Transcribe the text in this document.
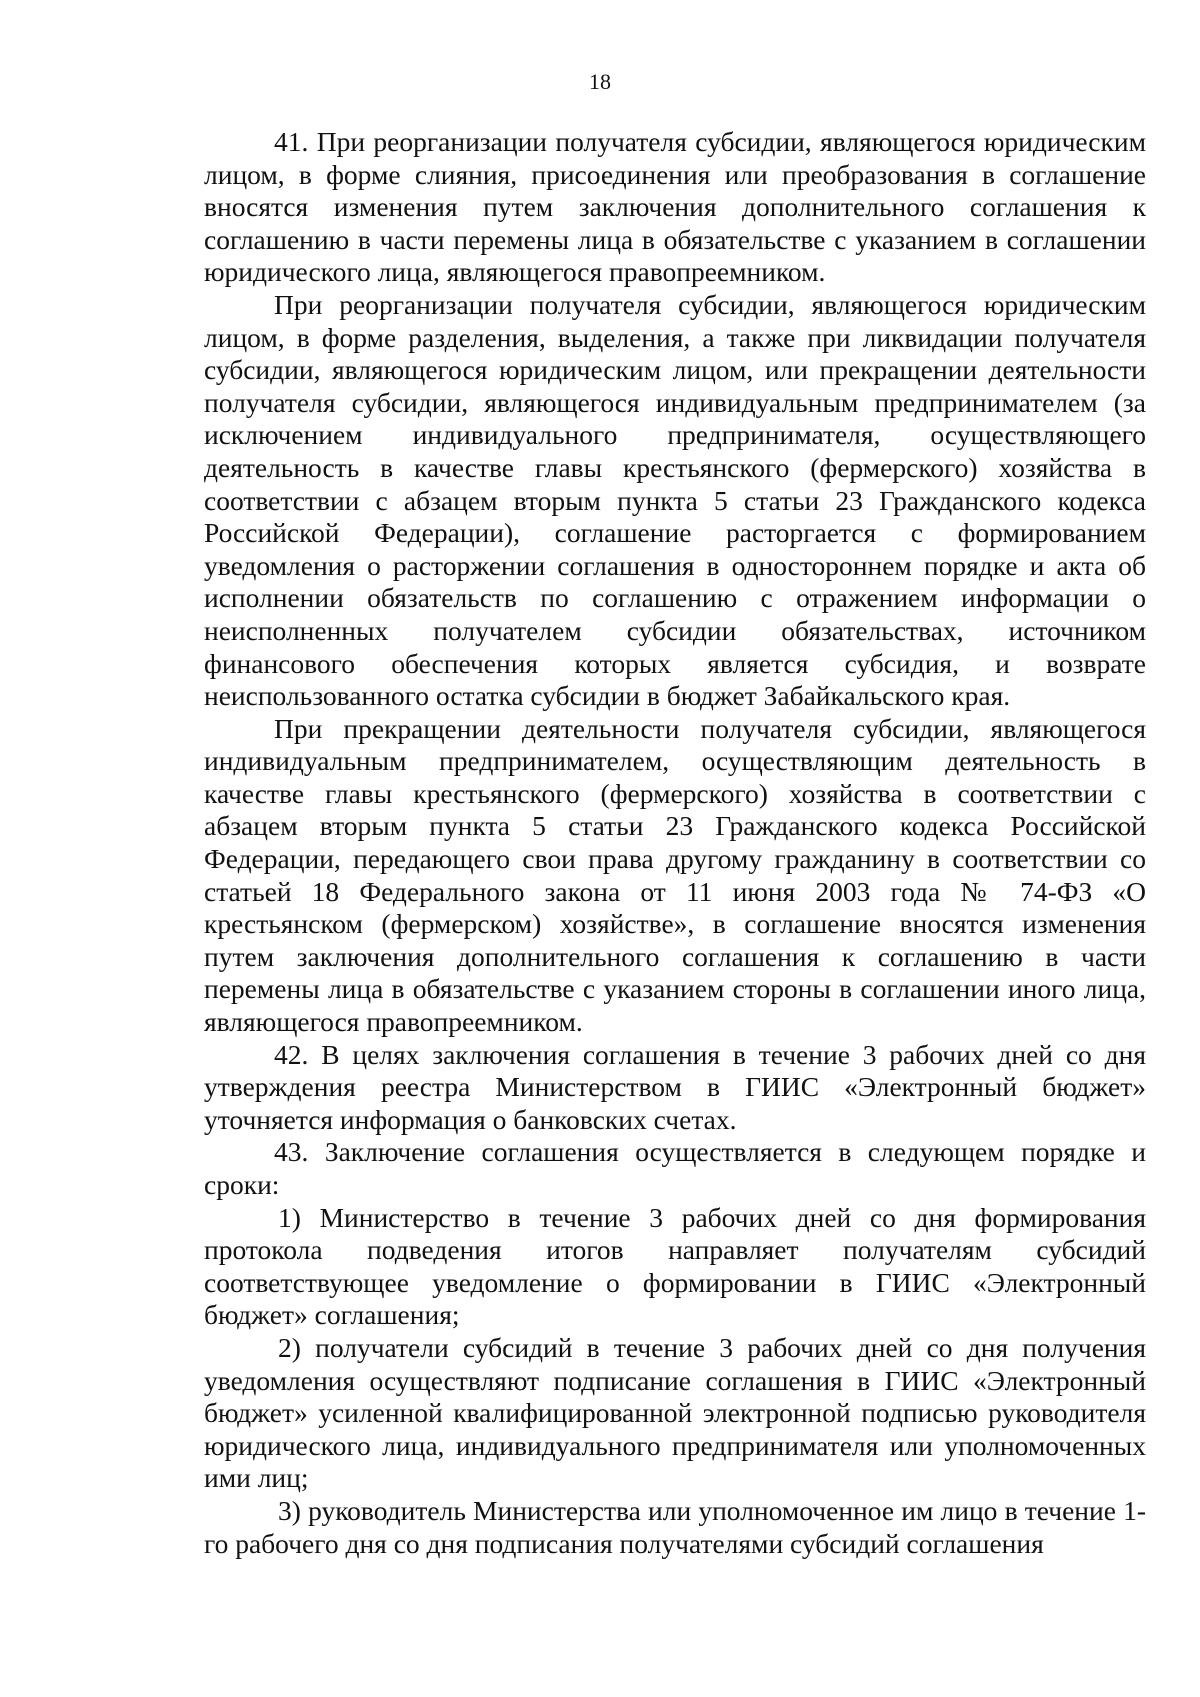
18

41. При реорганизации получателя субсидии, являющегося юридическим лицом, в форме слияния, присоединения или преобразования в соглашение вносятся изменения путем заключения дополнительного соглашения к соглашению в части перемены лица в обязательстве с указанием в соглашении юридического лица, являющегося правопреемником.

При реорганизации получателя субсидии, являющегося юридическим лицом, в форме разделения, выделения, а также при ликвидации получателя субсидии, являющегося юридическим лицом, или прекращении деятельности получателя субсидии, являющегося индивидуальным предпринимателем (за исключением индивидуального предпринимателя, осуществляющего деятельность в качестве главы крестьянского (фермерского) хозяйства в соответствии с абзацем вторым пункта 5 статьи 23 Гражданского кодекса Российской Федерации), соглашение расторгается с формированием уведомления о расторжении соглашения в одностороннем порядке и акта об исполнении обязательств по соглашению с отражением информации о неисполненных получателем субсидии обязательствах, источником финансового обеспечения которых является субсидия, и возврате неиспользованного остатка субсидии в бюджет Забайкальского края.

При прекращении деятельности получателя субсидии, являющегося индивидуальным предпринимателем, осуществляющим деятельность в качестве главы крестьянского (фермерского) хозяйства в соответствии с абзацем вторым пункта 5 статьи 23 Гражданского кодекса Российской Федерации, передающего свои права другому гражданину в соответствии со статьей 18 Федерального закона от 11 июня 2003 года № 74-ФЗ «О крестьянском (фермерском) хозяйстве», в соглашение вносятся изменения путем заключения дополнительного соглашения к соглашению в части перемены лица в обязательстве с указанием стороны в соглашении иного лица, являющегося правопреемником.

42. В целях заключения соглашения в течение 3 рабочих дней со дня утверждения реестра Министерством в ГИИС «Электронный бюджет» уточняется информация о банковских счетах.

43. Заключение соглашения осуществляется в следующем порядке и сроки:

1) Министерство в течение 3 рабочих дней со дня формирования протокола подведения итогов направляет получателям субсидий соответствующее уведомление о формировании в ГИИС «Электронный бюджет» соглашения;

2) получатели субсидий в течение 3 рабочих дней со дня получения уведомления осуществляют подписание соглашения в ГИИС «Электронный бюджет» усиленной квалифицированной электронной подписью руководителя юридического лица, индивидуального предпринимателя или уполномоченных ими лиц;

3) руководитель Министерства или уполномоченное им лицо в течение 1-го рабочего дня со дня подписания получателями субсидий соглашения
